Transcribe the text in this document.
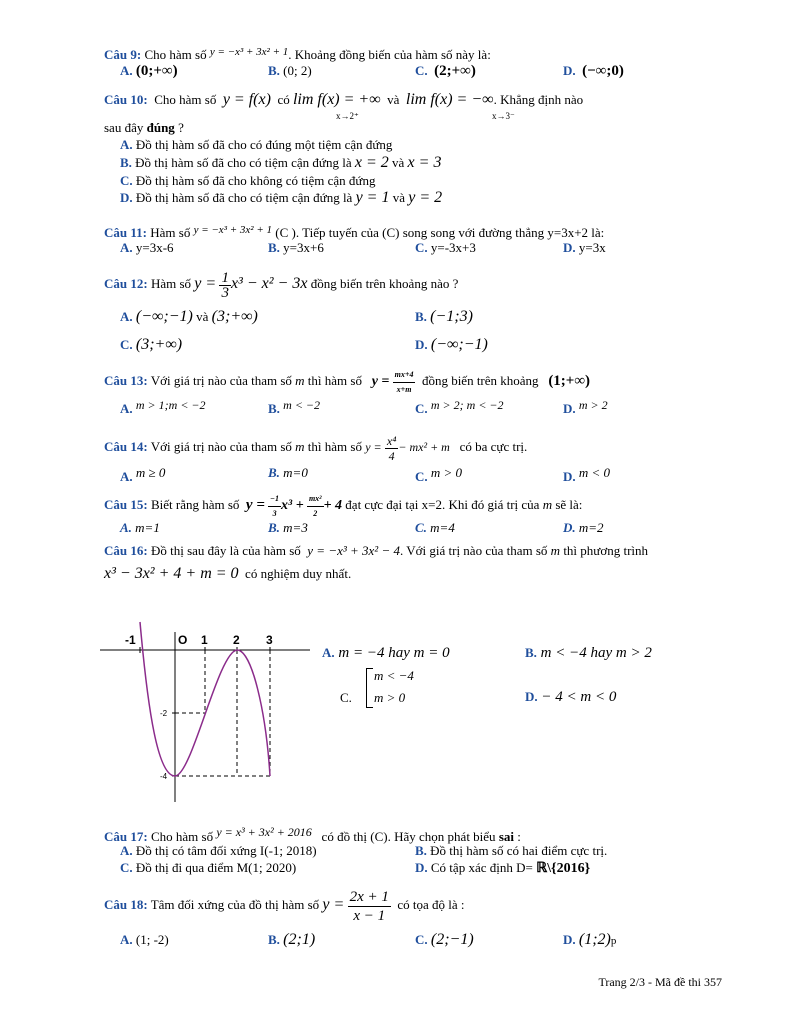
Câu 9: Cho hàm số $^{y = -x^3 + 3x^2 + 1}$. Khoảng đồng biến của hàm số này là:
A. (0;+∞)	B. (0; 2)	C. (2;+∞)	D. (−∞;0)
Câu 10: Cho hàm số y = f(x) có lim f(x) = +∞ và lim f(x) = −∞. Khẳng định nào
x→2⁺	x→3⁻
sau đây đúng ?
A. Đồ thị hàm số đã cho có đúng một tiệm cận đứng
B. Đồ thị hàm số đã cho có tiệm cận đứng là x = 2 và x = 3
C. Đồ thị hàm số đã cho không có tiệm cận đứng
D. Đồ thị hàm số đã cho có tiệm cận đứng là y = 1 và y = 2
Câu 11: Hàm số $^{y = -x^3 + 3x^2 + 1}$ (C ). Tiếp tuyến của (C) song song với đường thẳng y=3x+2 là:
A. y=3x-6	B. y=3x+6	C. y=-3x+3	D. y=3x
Câu 12: Hàm số $y = \frac{1}{3} x^3 - x^2 - 3x$ đồng biến trên khoảng nào ?
A. (−∞;−1) và (3;+∞)	B. (−1;3)
C. (3;+∞)	D. (−∞;−1)
Câu 13: Với giá trị nào của tham số m thì hàm số $y = \frac{mx+4}{x+m}$ đồng biến trên khoảng (1;+∞)
A. m > 1;m < −2	B. m < −2	C. m > 2; m < −2	D. m > 2
Câu 14: Với giá trị nào của tham số m thì hàm số $y = \frac{\text{x⁴}}{4} - mx^2 + m$ có ba cực trị.
A. m ≥ 0	B. m=0	C. m > 0	D. m < 0
Câu 15: Biết rằng hàm số $y = \frac{-1}{3} x^3 + \frac{\text{mx²}}{2} + 4$ đạt cực đại tại x=2. Khi đó giá trị của m sẽ là:
A. m=1	B. m=3	C. m=4	D. m=2
Câu 16: Đồ thị sau đây là của hàm số y = −x³ + 3x² − 4. Với giá trị nào của tham số m thì phương trình
x³ − 3x² + 4 + m = 0 có nghiệm duy nhất.
-1	O 1 2 3
-2
-4
A. m = −4 hay m = 0	B. m < −4 hay m > 2
C.
m < −4
m > 0	D. − 4 < m < 0
Câu 17: Cho hàm số y = x³ + 3x² + 2016 có đồ thị (C). Hãy chọn phát biểu sai :
A. Đồ thị có tâm đối xứng I(-1; 2018)	B. Đồ thị hàm số có hai điểm cực trị.
C. Đồ thị đi qua điểm M(1; 2020)	D. Có tập xác định D= ℝ\{2016}
Câu 18: Tâm đối xứng của đồ thị hàm số $y = \frac{2x + 1}{x - 1}$ có tọa độ là :
A. (1; -2)	B. (2;1)	C. (2;−1)	D. (1;2)p
Trang 2/3 - Mã đề thi 357
